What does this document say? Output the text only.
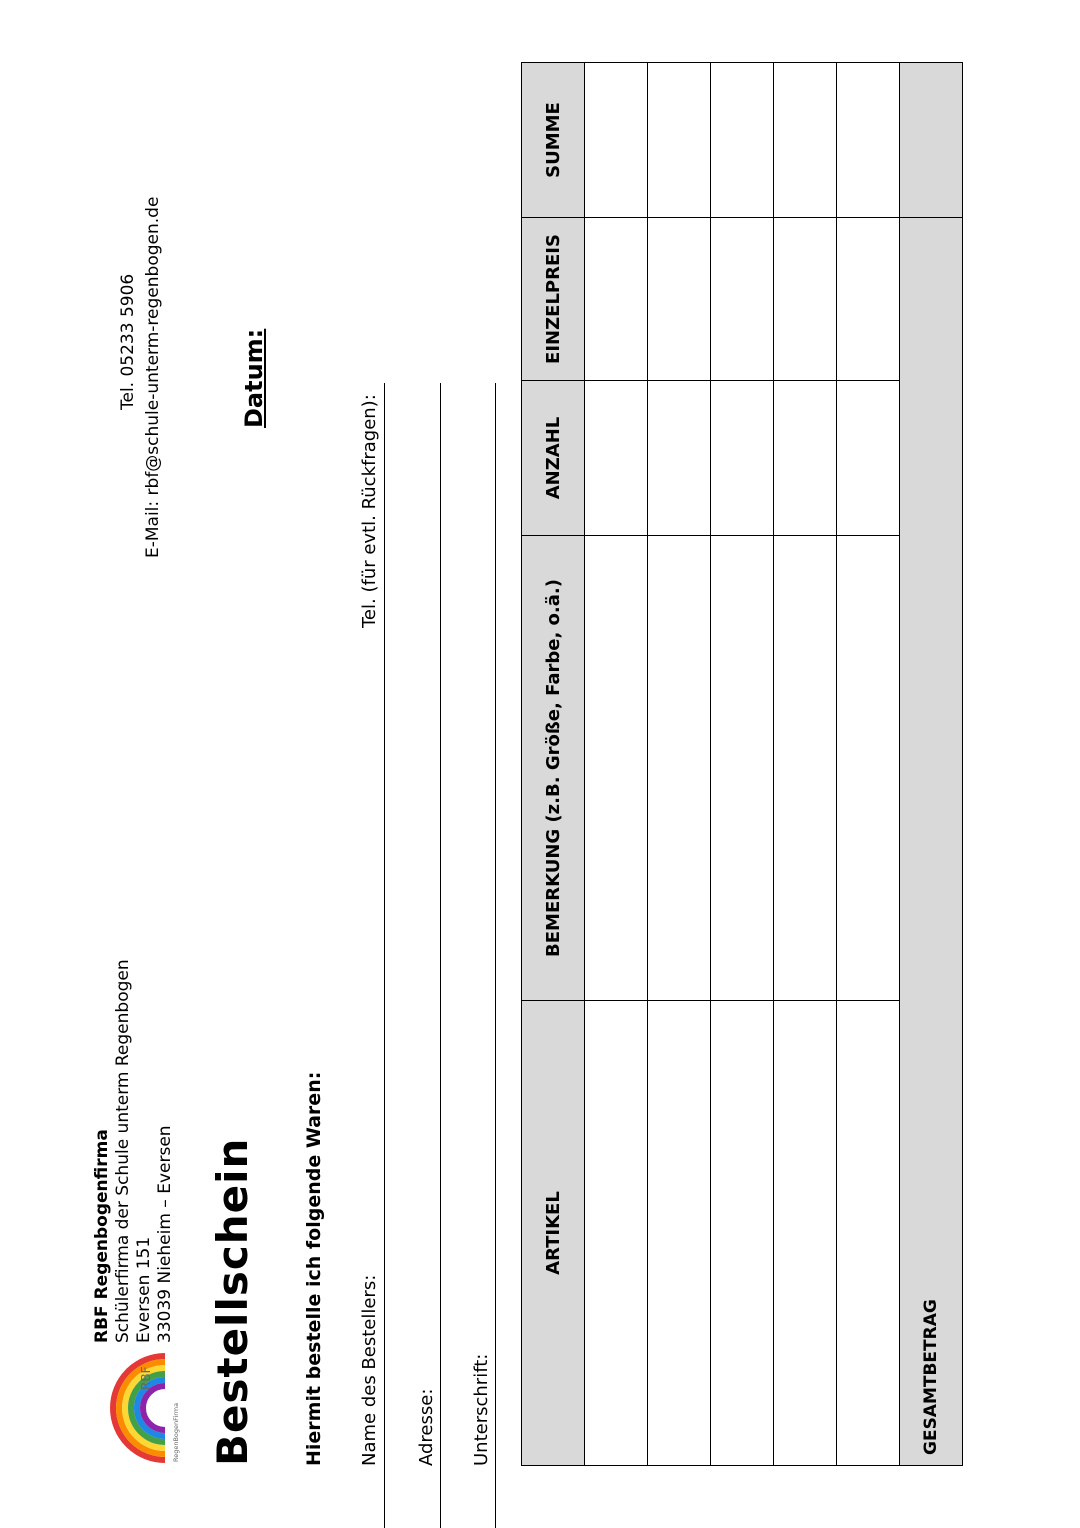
RBF
RegenBogenFirma
RBF Regenbogenfirma Schülerfirma der Schule unterm Regenbogen Eversen 151 33039 Nieheim – Eversen
Tel. 05233 5906 E-Mail: rbf@schule-unterm-regenbogen.de
Bestellschein
Datum:
Hiermit bestelle ich folgende Waren: Name des Bestellers:
Tel. (für evtl. Rückfragen):
Adresse: Unterschrift:
ARTIKEL	BEMERKUNG (z.B. Größe, Farbe, o.ä.)	ANZAHL	EINZELPREIS	SUMME

GESAMTBETRAG				
